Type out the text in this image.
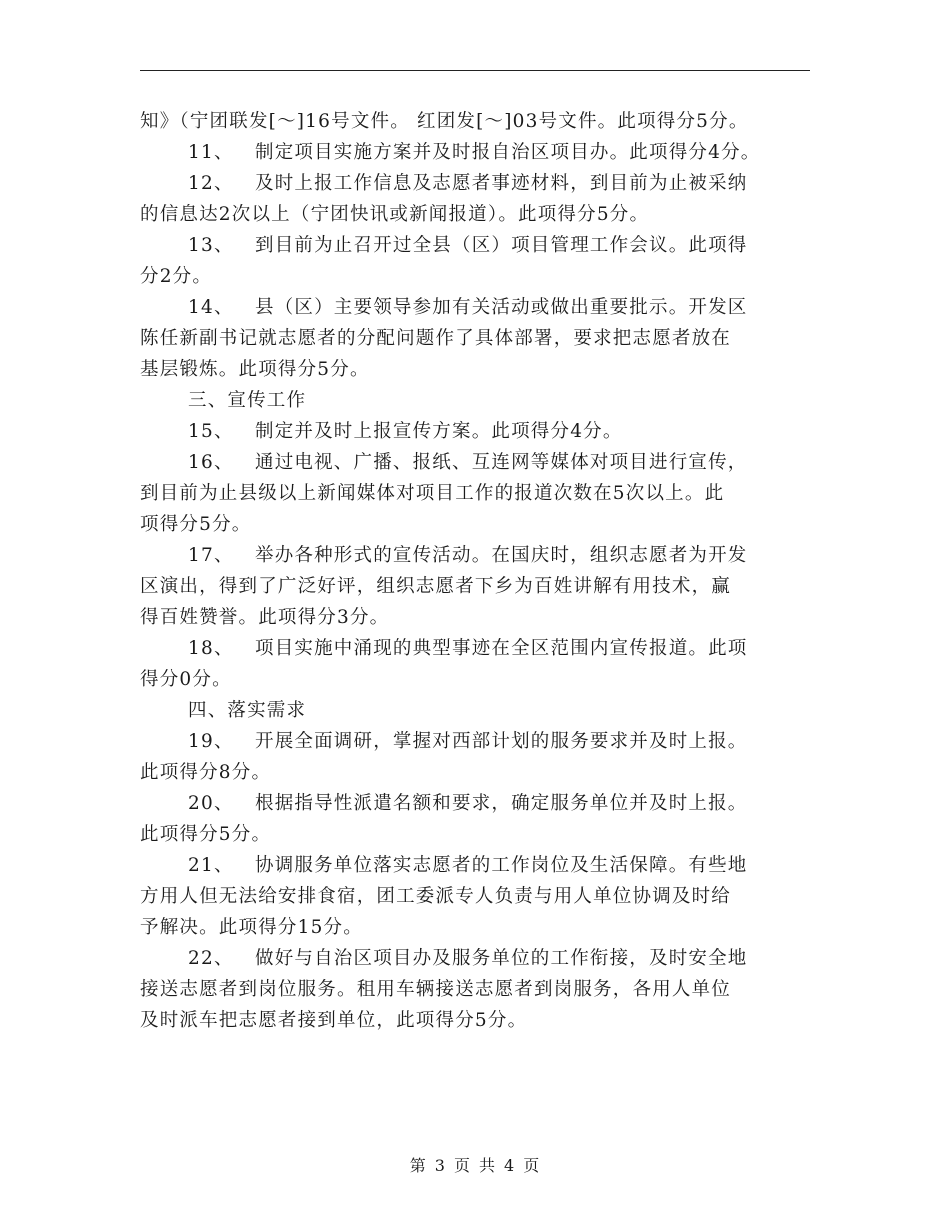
知》（宁团联发[～]16号文件。 红团发[～]03号文件。此项得分5分。
11、 制定项目实施方案并及时报自治区项目办。此项得分4分。
12、 及时上报工作信息及志愿者事迹材料，到目前为止被采纳
的信息达2次以上（宁团快讯或新闻报道）。此项得分5分。
13、 到目前为止召开过全县（区）项目管理工作会议。此项得
分2分。
14、 县（区）主要领导参加有关活动或做出重要批示。开发区
陈任新副书记就志愿者的分配问题作了具体部署，要求把志愿者放在
基层锻炼。此项得分5分。
三、宣传工作
15、 制定并及时上报宣传方案。此项得分4分。
16、 通过电视、广播、报纸、互连网等媒体对项目进行宣传，
到目前为止县级以上新闻媒体对项目工作的报道次数在5次以上。此
项得分5分。
17、 举办各种形式的宣传活动。在国庆时，组织志愿者为开发
区演出，得到了广泛好评，组织志愿者下乡为百姓讲解有用技术，赢
得百姓赞誉。此项得分3分。
18、 项目实施中涌现的典型事迹在全区范围内宣传报道。此项
得分0分。
四、落实需求
19、 开展全面调研，掌握对西部计划的服务要求并及时上报。
此项得分8分。
20、 根据指导性派遣名额和要求，确定服务单位并及时上报。
此项得分5分。
21、 协调服务单位落实志愿者的工作岗位及生活保障。有些地
方用人但无法给安排食宿，团工委派专人负责与用人单位协调及时给
予解决。此项得分15分。
22、 做好与自治区项目办及服务单位的工作衔接，及时安全地
接送志愿者到岗位服务。租用车辆接送志愿者到岗服务，各用人单位
及时派车把志愿者接到单位，此项得分5分。
第 3 页 共 4 页
